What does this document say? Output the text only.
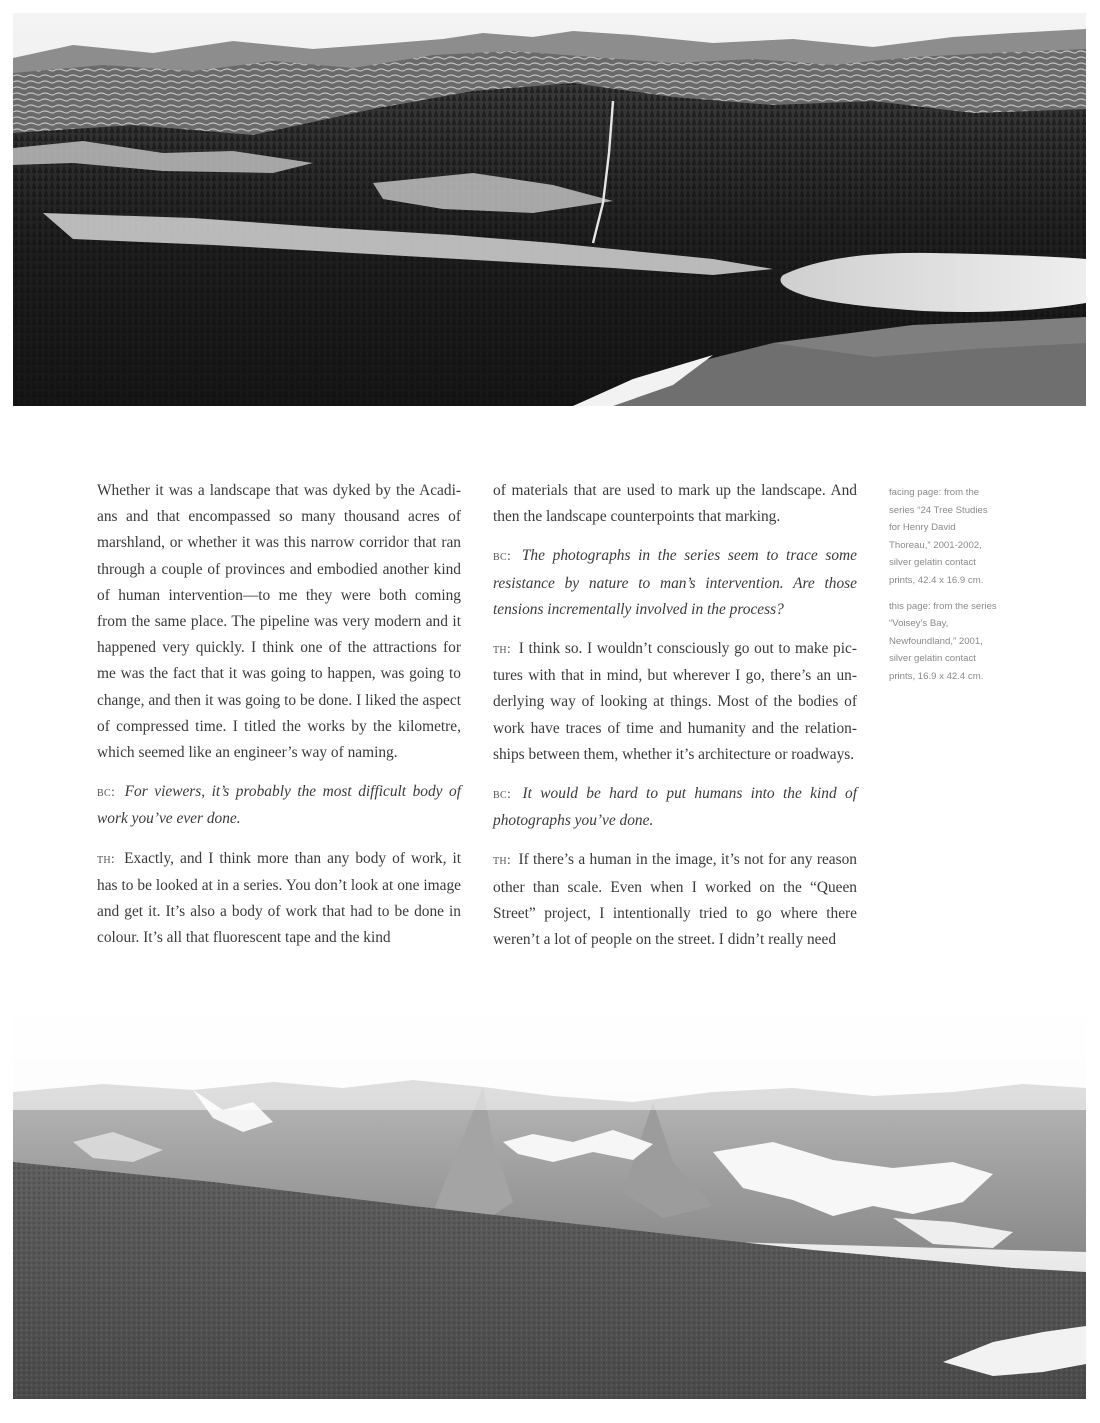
Whether it was a landscape that was dyked by the Acadians and that encompassed so many thousand acres of marshland, or whether it was this narrow corridor that ran through a couple of provinces and embodied another kind of human intervention—to me they were both coming from the same place. The pipeline was very modern and it happened very quickly. I think one of the attractions for me was the fact that it was going to happen, was going to change, and then it was going to be done. I liked the aspect of compressed time. I titled the works by the kilometre, which seemed like an engineer’s way of naming.

bc: For viewers, it’s probably the most difficult body of work you’ve ever done.

th: Exactly, and I think more than any body of work, it has to be looked at in a series. You don’t look at one image and get it. It’s also a body of work that had to be done in colour. It’s all that fluorescent tape and the kind

of materials that are used to mark up the landscape. And then the landscape counterpoints that marking.

bc: The photographs in the series seem to trace some resistance by nature to man’s intervention. Are those tensions incrementally involved in the process?

th: I think so. I wouldn’t consciously go out to make pictures with that in mind, but wherever I go, there’s an underlying way of looking at things. Most of the bodies of work have traces of time and humanity and the relationships between them, whether it’s architecture or roadways.

bc: It would be hard to put humans into the kind of photographs you’ve done.

th: If there’s a human in the image, it’s not for any reason other than scale. Even when I worked on the “Queen Street” project, I intentionally tried to go where there weren’t a lot of people on the street. I didn’t really need

facing page: from the series “24 Tree Studies for Henry David Thoreau,” 2001-2002, silver gelatin contact prints, 42.4 x 16.9 cm.

this page: from the series “Voisey’s Bay, Newfoundland,” 2001, silver gelatin contact prints, 16.9 x 42.4 cm.
